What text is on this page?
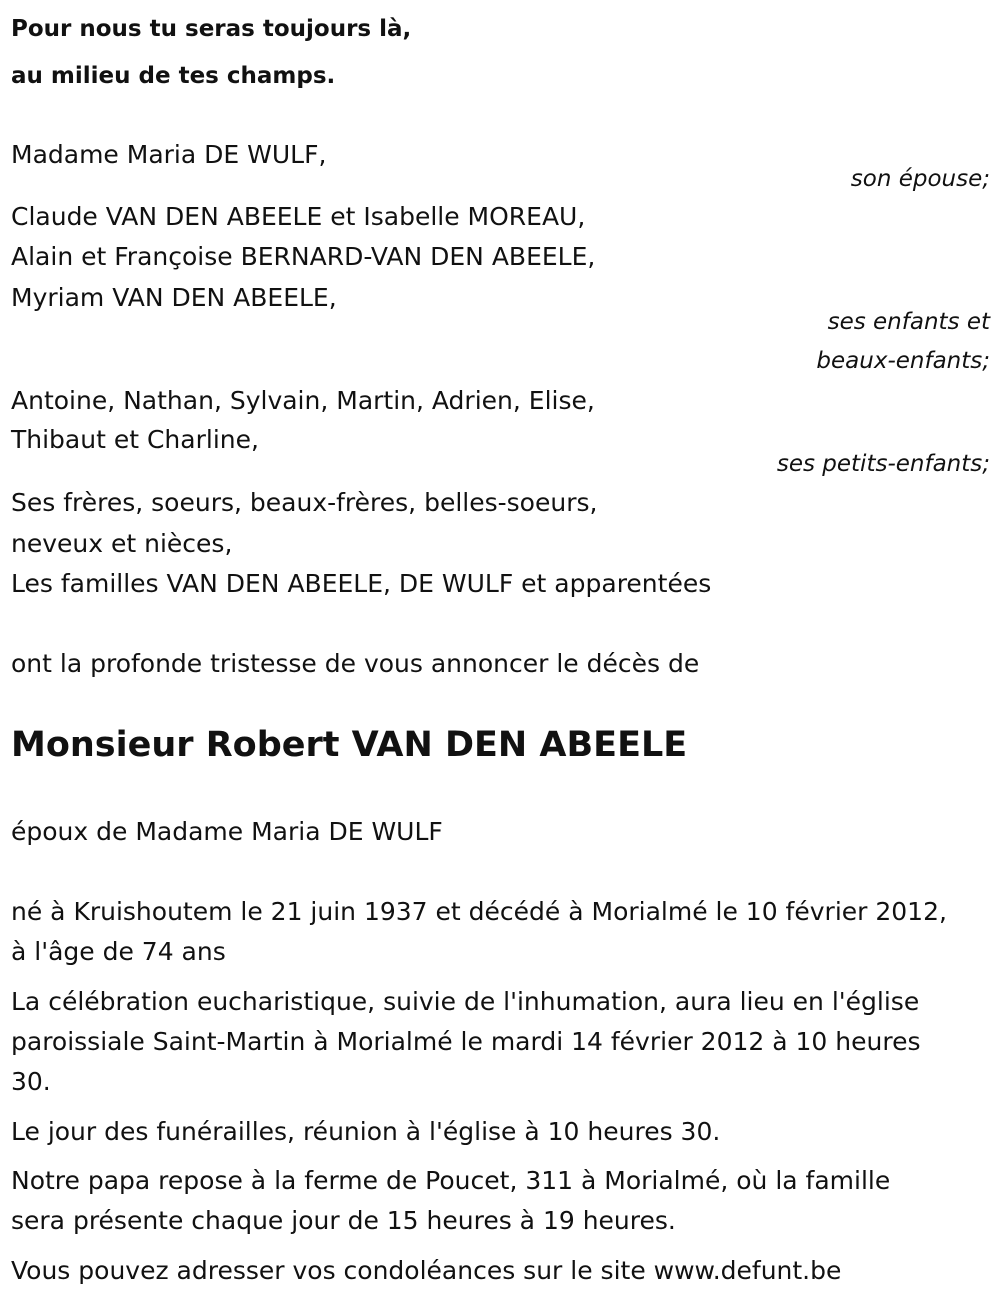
Pour nous tu seras toujours là,
au milieu de tes champs.
Madame Maria DE WULF,
son épouse;
Claude VAN DEN ABEELE et Isabelle MOREAU,
Alain et Françoise BERNARD-VAN DEN ABEELE,
Myriam VAN DEN ABEELE,
ses enfants et
beaux-enfants;
Antoine, Nathan, Sylvain, Martin, Adrien, Elise,
Thibaut et Charline,
ses petits-enfants;
Ses frères, soeurs, beaux-frères, belles-soeurs,
neveux et nièces,
Les familles VAN DEN ABEELE, DE WULF et apparentées
ont la profonde tristesse de vous annoncer le décès de
Monsieur Robert VAN DEN ABEELE
époux de Madame Maria DE WULF
né à Kruishoutem le 21 juin 1937 et décédé à Morialmé le 10 février 2012,
à l'âge de 74 ans
La célébration eucharistique, suivie de l'inhumation, aura lieu en l'église
paroissiale Saint-Martin à Morialmé le mardi 14 février 2012 à 10 heures
30.
Le jour des funérailles, réunion à l'église à 10 heures 30.
Notre papa repose à la ferme de Poucet, 311 à Morialmé, où la famille
sera présente chaque jour de 15 heures à 19 heures.
Vous pouvez adresser vos condoléances sur le site www.defunt.be
